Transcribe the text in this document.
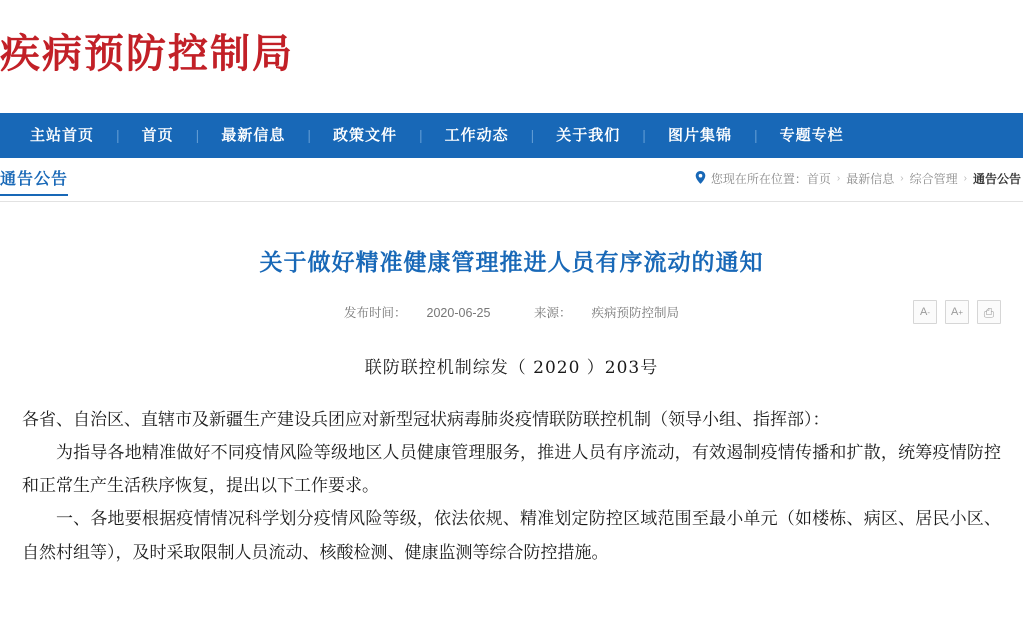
疾病预防控制局
主站首页	|	首页	|	最新信息	|	政策文件	|	工作动态	|	关于我们	|	图片集锦	|	专题专栏
通告公告	您现在所在位置： 首页 › 最新信息 › 综合管理 › 通告公告
关于做好精准健康管理推进人员有序流动的通知
发布时间： 2020-06-25	来源： 疾病预防控制局	A - A + ⎙
联防联控机制综发（ 2020 ）203号

各省、自治区、直辖市及新疆生产建设兵团应对新型冠状病毒肺炎疫情联防联控机制（领导小组、指挥部）：

为指导各地精准做好不同疫情风险等级地区人员健康管理服务，推进人员有序流动，有效遏制疫情传播和扩散，统筹疫情防控和正常生产生活秩序恢复，提出以下工作要求。

一、各地要根据疫情情况科学划分疫情风险等级，依法依规、精准划定防控区域范围至最小单元（如楼栋、病区、居民小区、自然村组等），及时采取限制人员流动、核酸检测、健康监测等综合防控措施。
